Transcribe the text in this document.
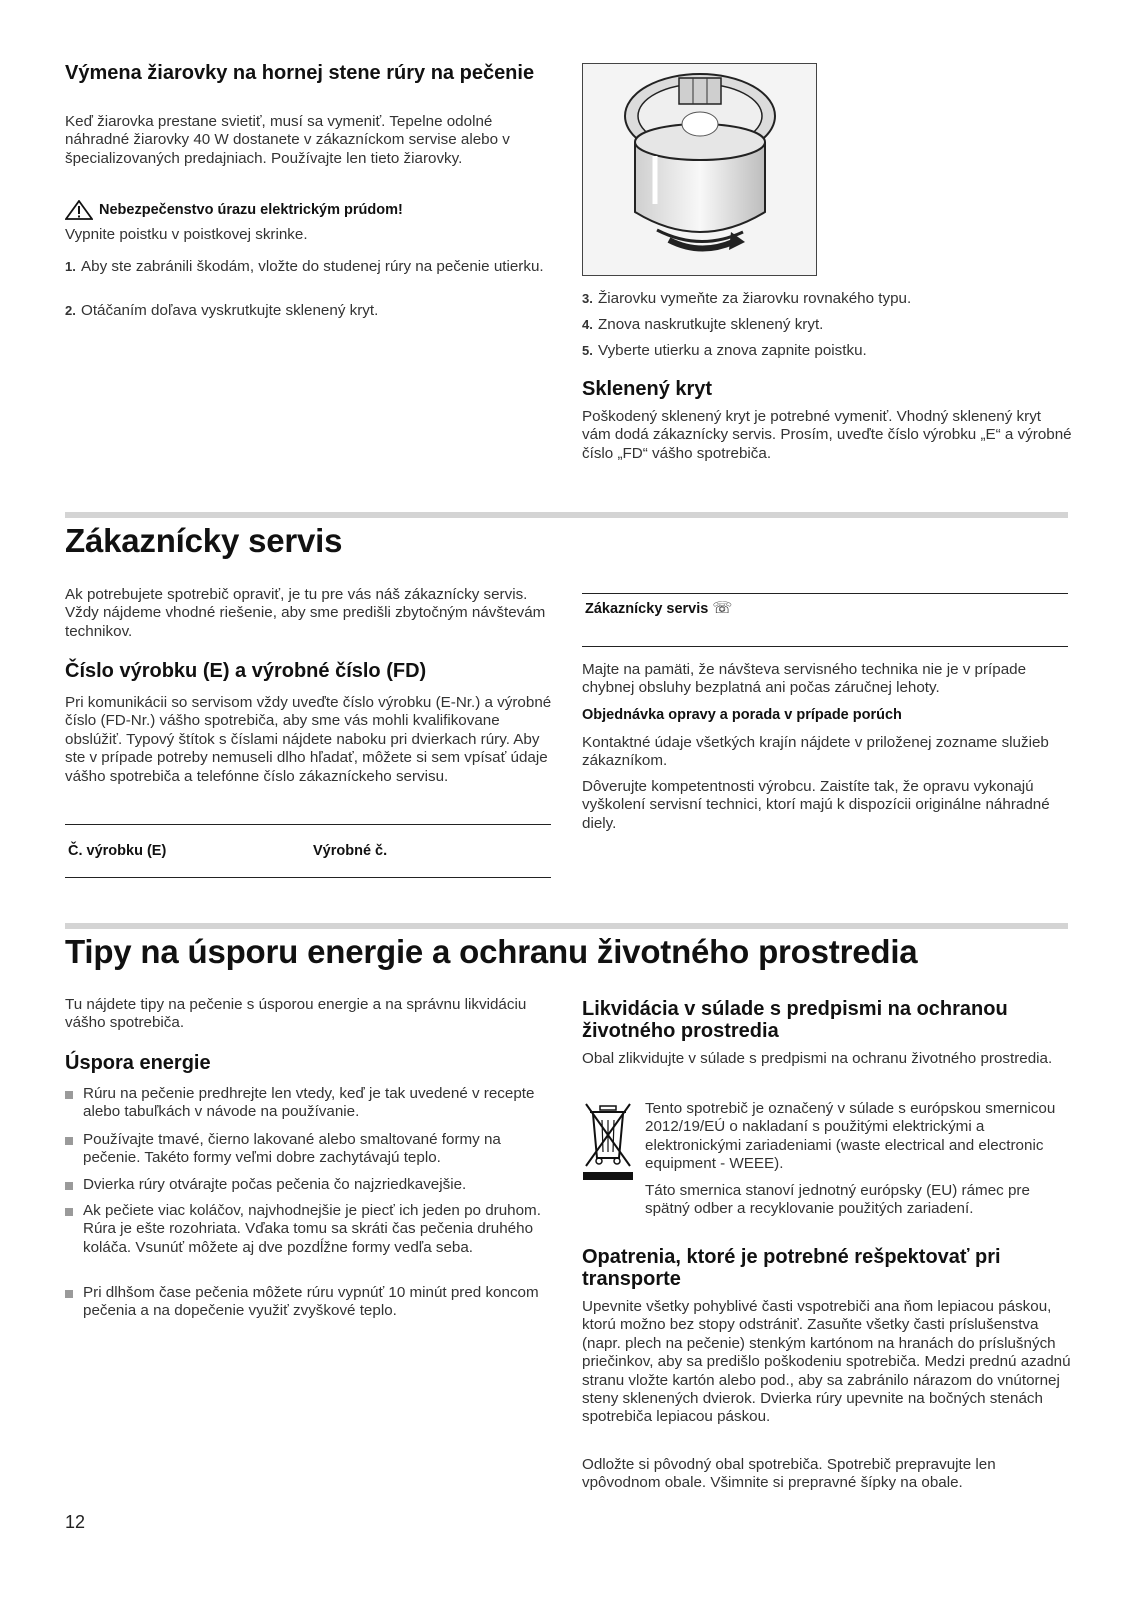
Výmena žiarovky na hornej stene rúry na pečenie
Keď žiarovka prestane svietiť, musí sa vymeniť. Tepelne odolné náhradné žiarovky 40 W dostanete v zákazníckom servise alebo v špecializovaných predajniach. Používajte len tieto žiarovky.
Nebezpečenstvo úrazu elektrickým prúdom!
Vypnite poistku v poistkovej skrinke.
1. Aby ste zabránili škodám, vložte do studenej rúry na pečenie utierku.
2. Otáčaním doľava vyskrutkujte sklenený kryt.
3. Žiarovku vymeňte za žiarovku rovnakého typu.
4. Znova naskrutkujte sklenený kryt.
5. Vyberte utierku a znova zapnite poistku.
Sklenený kryt
Poškodený sklenený kryt je potrebné vymeniť. Vhodný sklenený kryt vám dodá zákaznícky servis. Prosím, uveďte číslo výrobku „E“ a výrobné číslo „FD“ vášho spotrebiča.
Zákaznícky servis
Ak potrebujete spotrebič opraviť, je tu pre vás náš zákaznícky servis. Vždy nájdeme vhodné riešenie, aby sme predišli zbytočným návštevám technikov.
Číslo výrobku (E) a výrobné číslo (FD)
Pri komunikácii so servisom vždy uveďte číslo výrobku (E-Nr.) a výrobné číslo (FD-Nr.) vášho spotrebiča, aby sme vás mohli kvalifikovane obslúžiť. Typový štítok s číslami nájdete naboku pri dvierkach rúry. Aby ste v prípade potreby nemuseli dlho hľadať, môžete si sem vpísať údaje vášho spotrebiča a telefónne číslo zákazníckeho servisu.
Č. výrobku (E)	Výrobné č.
Zákaznícky servis ☏
Majte na pamäti, že návšteva servisného technika nie je v prípade chybnej obsluhy bezplatná ani počas záručnej lehoty.
Objednávka opravy a porada v prípade porúch
Kontaktné údaje všetkých krajín nájdete v priloženej zozname služieb zákazníkom.
Dôverujte kompetentnosti výrobcu. Zaistíte tak, že opravu vykonajú vyškolení servisní technici, ktorí majú k dispozícii originálne náhradné diely.
Tipy na úsporu energie a ochranu životného prostredia
Tu nájdete tipy na pečenie s úsporou energie a na správnu likvidáciu vášho spotrebiča.
Úspora energie
Rúru na pečenie predhrejte len vtedy, keď je tak uvedené v recepte alebo tabuľkách v návode na používanie.
Používajte tmavé, čierno lakované alebo smaltované formy na pečenie. Takéto formy veľmi dobre zachytávajú teplo.
Dvierka rúry otvárajte počas pečenia čo najzriedkavejšie.
Ak pečiete viac koláčov, najvhodnejšie je piecť ich jeden po druhom. Rúra je ešte rozohriata. Vďaka tomu sa skráti čas pečenia druhého koláča. Vsunúť môžete aj dve pozdĺžne formy vedľa seba.
Pri dlhšom čase pečenia môžete rúru vypnúť 10 minút pred koncom pečenia a na dopečenie využiť zvyškové teplo.
Likvidácia v súlade s predpismi na ochranou životného prostredia
Obal zlikvidujte v súlade s predpismi na ochranu životného prostredia.
Tento spotrebič je označený v súlade s európskou smernicou 2012/19/EÚ o nakladaní s použitými elektrickými a elektronickými zariadeniami (waste electrical and electronic equipment - WEEE).
Táto smernica stanoví jednotný európsky (EU) rámec pre spätný odber a recyklovanie použitých zariadení.
Opatrenia, ktoré je potrebné rešpektovať pri transporte
Upevnite všetky pohyblivé časti vspotrebiči ana ňom lepiacou páskou, ktorú možno bez stopy odstrániť. Zasuňte všetky časti príslušenstva (napr. plech na pečenie) stenkým kartónom na hranách do príslušných priečinkov, aby sa predišlo poškodeniu spotrebiča. Medzi prednú azadnú stranu vložte kartón alebo pod., aby sa zabránilo nárazom do vnútornej steny sklenených dvierok. Dvierka rúry upevnite na bočných stenách spotrebiča lepiacou páskou.
Odložte si pôvodný obal spotrebiča. Spotrebič prepravujte len vpôvodnom obale. Všimnite si prepravné šípky na obale.
12
